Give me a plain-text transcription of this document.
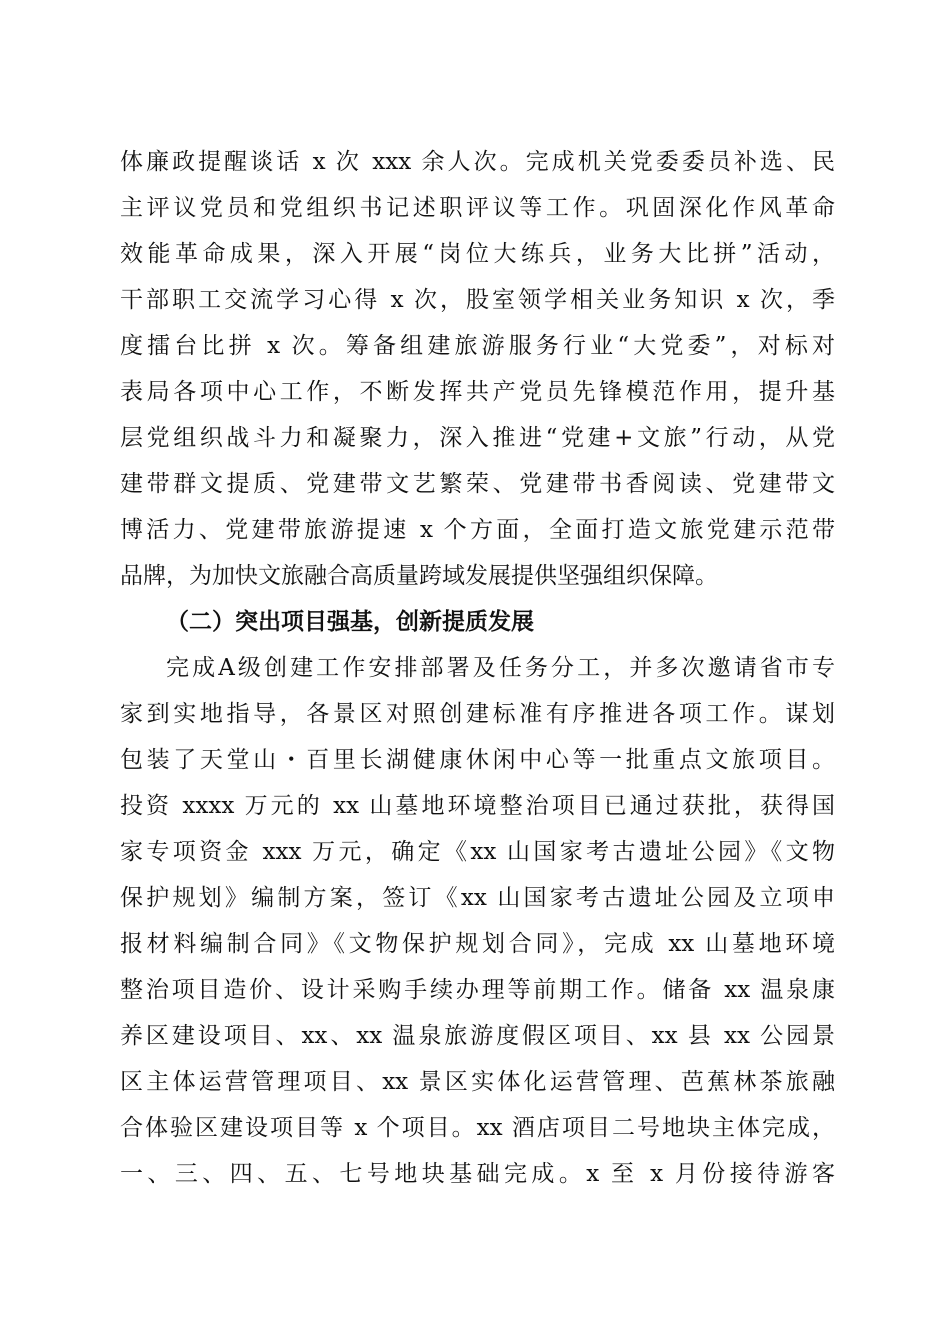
体廉政提醒谈话 x 次 xxx 余人次。完成机关党委委员补选、民
主评议党员和党组织书记述职评议等工作。巩固深化作风革命
效能革命成果，深入开展“岗位大练兵，业务大比拼”活动，
干部职工交流学习心得 x 次，股室领学相关业务知识 x 次，季
度擂台比拼 x 次。筹备组建旅游服务行业“大党委”，对标对
表局各项中心工作，不断发挥共产党员先锋模范作用，提升基
层党组织战斗力和凝聚力，深入推进“党建+文旅”行动，从党
建带群文提质、党建带文艺繁荣、党建带书香阅读、党建带文
博活力、党建带旅游提速 x 个方面，全面打造文旅党建示范带
品牌，为加快文旅融合高质量跨域发展提供坚强组织保障。
（二）突出项目强基，创新提质发展
完成A级创建工作安排部署及任务分工，并多次邀请省市专
家到实地指导，各景区对照创建标准有序推进各项工作。谋划
包装了天堂山・百里长湖健康休闲中心等一批重点文旅项目。
投资 xxxx 万元的 xx 山墓地环境整治项目已通过获批，获得国
家专项资金 xxx 万元，确定《xx 山国家考古遗址公园》《文物
保护规划》编制方案，签订《xx 山国家考古遗址公园及立项申
报材料编制合同》《文物保护规划合同》，完成 xx 山墓地环境
整治项目造价、设计采购手续办理等前期工作。储备 xx 温泉康
养区建设项目、xx、xx 温泉旅游度假区项目、xx 县 xx 公园景
区主体运营管理项目、xx 景区实体化运营管理、芭蕉林茶旅融
合体验区建设项目等 x 个项目。xx 酒店项目二号地块主体完成，
一、三、四、五、七号地块基础完成。x 至 x 月份接待游客
